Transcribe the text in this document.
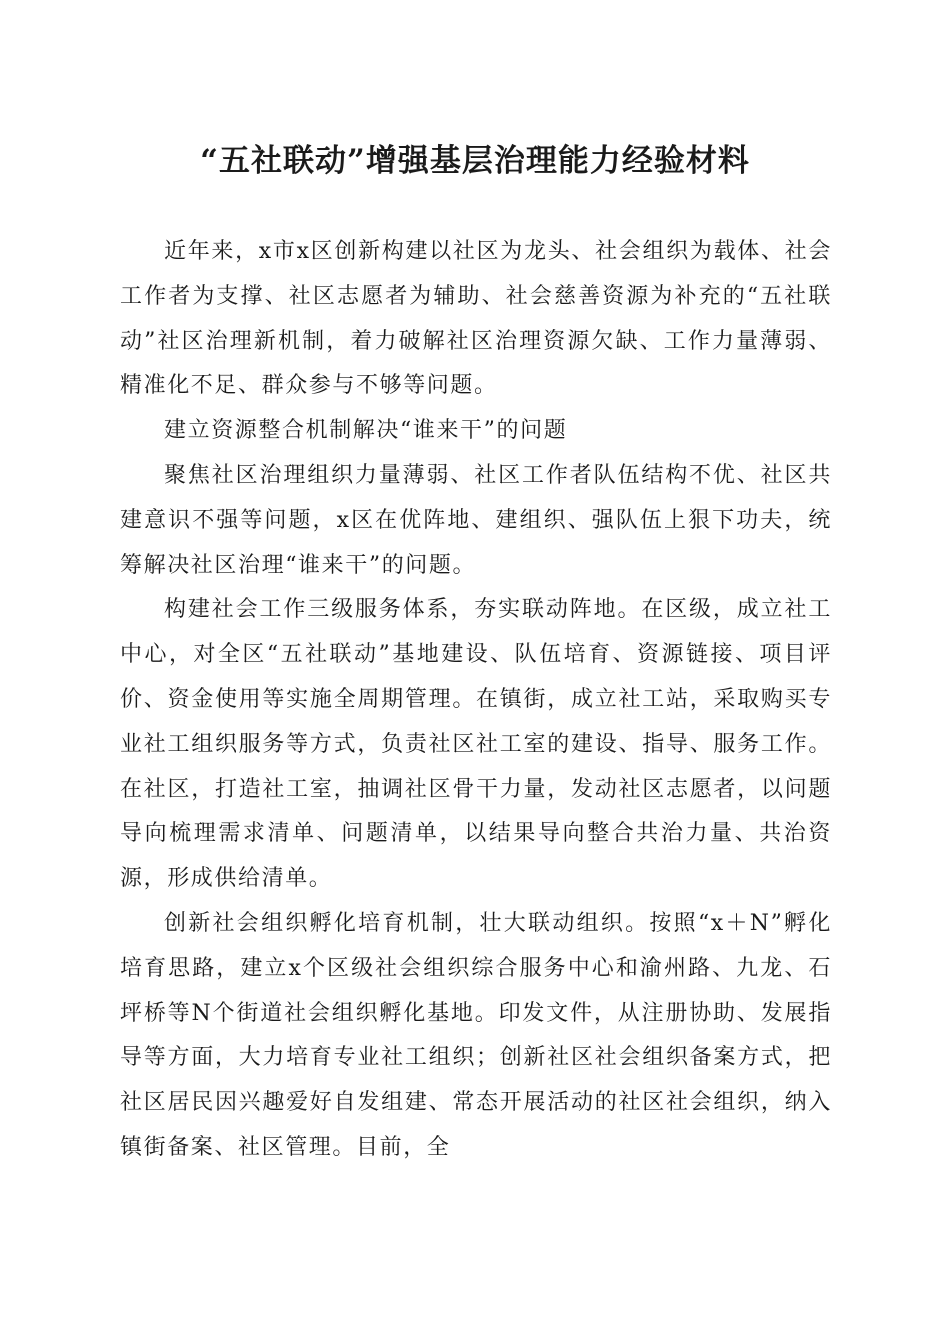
“五社联动”增强基层治理能力经验材料

近年来，x市x区创新构建以社区为龙头、社会组织为载体、社会工作者为支撑、社区志愿者为辅助、社会慈善资源为补充的“五社联动”社区治理新机制，着力破解社区治理资源欠缺、工作力量薄弱、精准化不足、群众参与不够等问题。

建立资源整合机制解决“谁来干”的问题

聚焦社区治理组织力量薄弱、社区工作者队伍结构不优、社区共建意识不强等问题，x区在优阵地、建组织、强队伍上狠下功夫，统筹解决社区治理“谁来干”的问题。

构建社会工作三级服务体系，夯实联动阵地。在区级，成立社工中心，对全区“五社联动”基地建设、队伍培育、资源链接、项目评价、资金使用等实施全周期管理。在镇街，成立社工站，采取购买专业社工组织服务等方式，负责社区社工室的建设、指导、服务工作。在社区，打造社工室，抽调社区骨干力量，发动社区志愿者，以问题导向梳理需求清单、问题清单，以结果导向整合共治力量、共治资源，形成供给清单。

创新社会组织孵化培育机制，壮大联动组织。按照“x＋N”孵化培育思路，建立x个区级社会组织综合服务中心和渝州路、九龙、石坪桥等N个街道社会组织孵化基地。印发文件，从注册协助、发展指导等方面，大力培育专业社工组织；创新社区社会组织备案方式，把社区居民因兴趣爱好自发组建、常态开展活动的社区社会组织，纳入镇街备案、社区管理。目前，全
